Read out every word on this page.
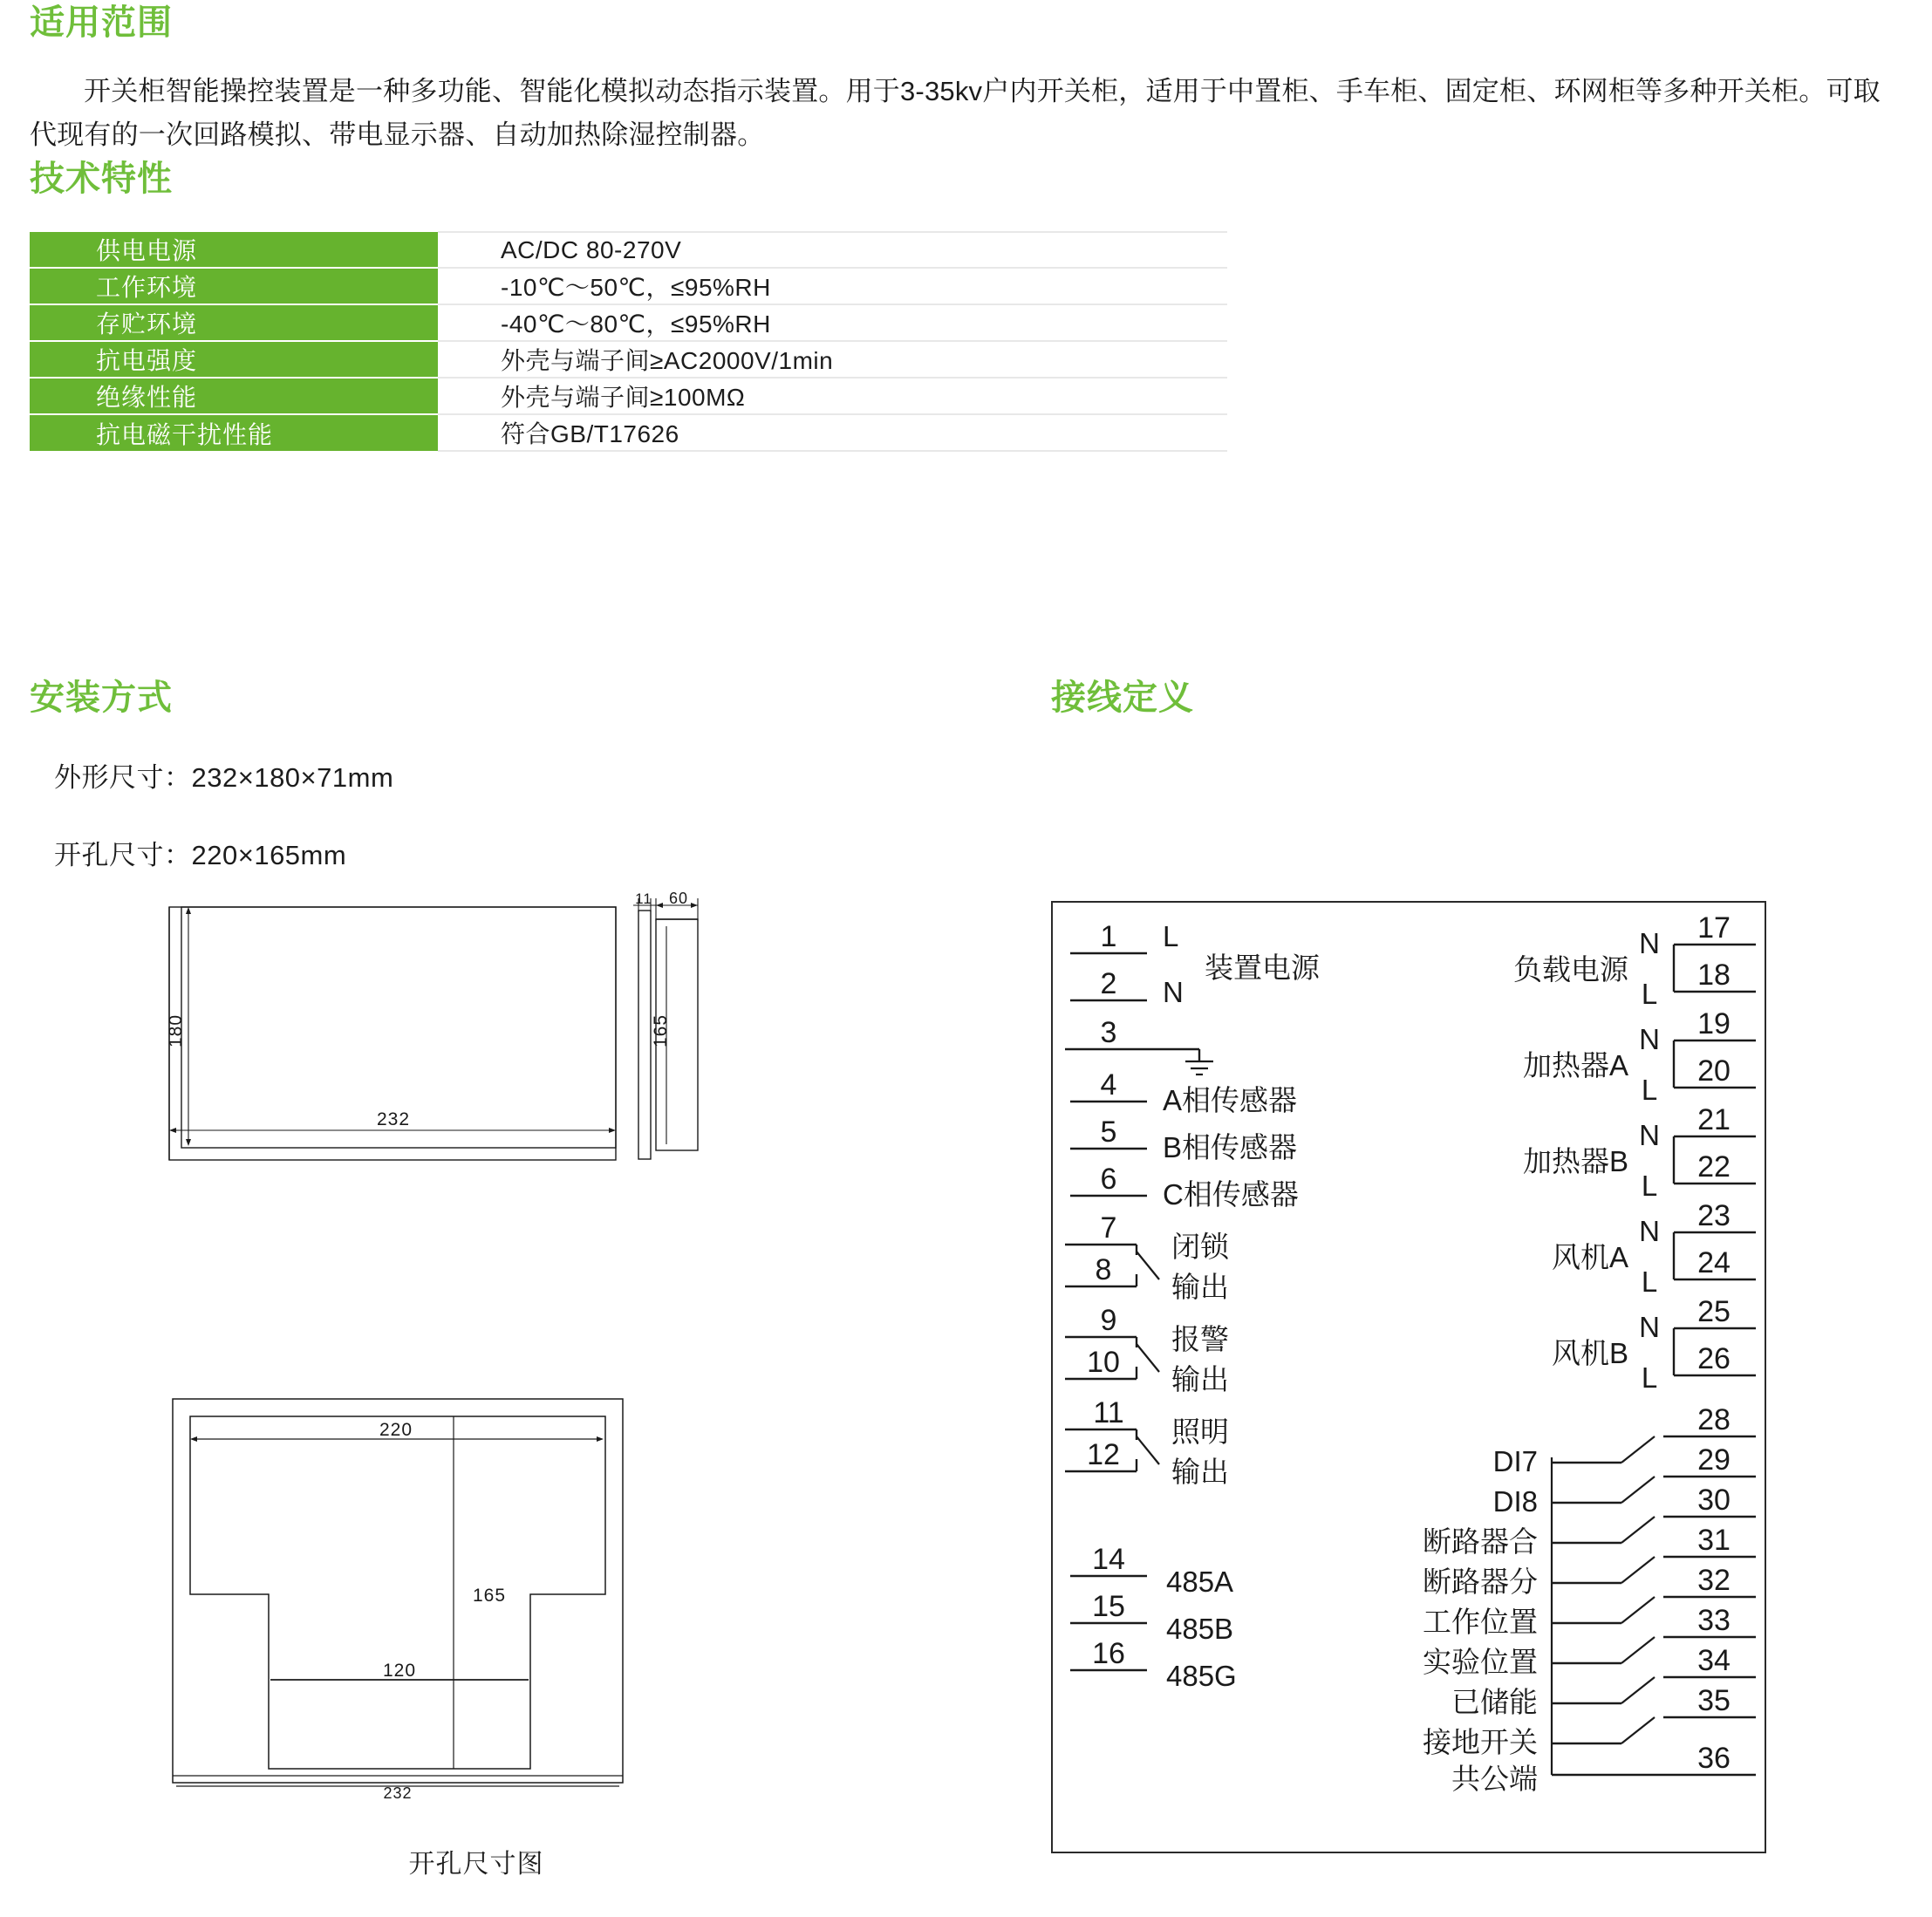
适用范围

开关柜智能操控装置是一种多功能、智能化模拟动态指示装置。用于3-35kv户内开关柜，适用于中置柜、手车柜、固定柜、环网柜等多种开关柜。可取代现有的一次回路模拟、带电显示器、自动加热除湿控制器。

技术特性
供电电源	AC/DC 80-270V
工作环境	-10℃～50℃，≤95%RH
存贮环境	-40℃～80℃，≤95%RH
抗电强度	外壳与端子间≥AC2000V/1min
绝缘性能	外壳与端子间≥100MΩ
抗电磁干扰性能	符合GB/T17626
安装方式

外形尺寸：232×180×71mm

开孔尺寸：220×165mm

接线定义
180
232
11 60
165
220
165
120
232
开孔尺寸图
1
2
3
4
5
6
7
8
9
10
11
12
14
15
16
L
N
装置电源
A相传感器
B相传感器
C相传感器
闭锁
输出
报警
输出
照明
输出
485A
485B
485G
17
18
19
20
21
22
23
24
25
26
28
29
30
31
32
33
34
35
36
N
L
N
L
N
L
N
L
N
L
负载电源
加热器A
加热器B
风机A
风机B
DI7
DI8
断路器合
断路器分
工作位置
实验位置
已储能
接地开关
共公端
